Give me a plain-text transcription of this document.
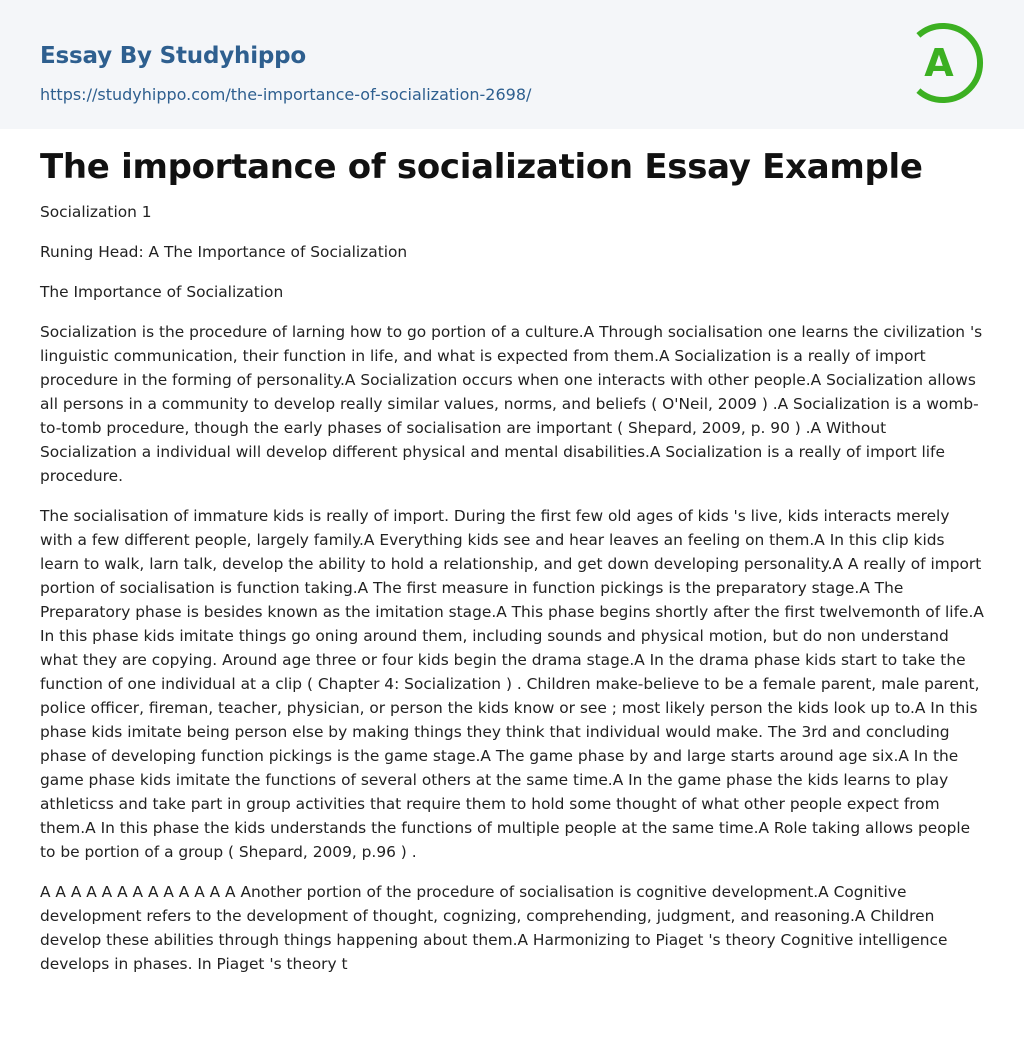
Essay By Studyhippo
https://studyhippo.com/the-importance-of-socialization-2698/
A
The importance of socialization Essay Example

Socialization 1

Runing Head: A The Importance of Socialization

The Importance of Socialization

Socialization is the procedure of larning how to go portion of a culture.A Through socialisation one learns the civilization 's linguistic communication, their function in life, and what is expected from them.A Socialization is a really of import procedure in the forming of personality.A Socialization occurs when one interacts with other people.A Socialization allows all persons in a community to develop really similar values, norms, and beliefs ( O'Neil, 2009 ) .A Socialization is a womb-to-tomb procedure, though the early phases of socialisation are important ( Shepard, 2009, p. 90 ) .A Without Socialization a individual will develop different physical and mental disabilities.A Socialization is a really of import life procedure.

The socialisation of immature kids is really of import. During the first few old ages of kids 's live, kids interacts merely with a few different people, largely family.A Everything kids see and hear leaves an feeling on them.A In this clip kids learn to walk, larn talk, develop the ability to hold a relationship, and get down developing personality.A A really of import portion of socialisation is function taking.A The first measure in function pickings is the preparatory stage.A The Preparatory phase is besides known as the imitation stage.A This phase begins shortly after the first twelvemonth of life.A In this phase kids imitate things go oning around them, including sounds and physical motion, but do non understand what they are copying. Around age three or four kids begin the drama stage.A In the drama phase kids start to take the function of one individual at a clip ( Chapter 4: Socialization ) . Children make-believe to be a female parent, male parent, police officer, fireman, teacher, physician, or person the kids know or see ; most likely person the kids look up to.A In this phase kids imitate being person else by making things they think that individual would make. The 3rd and concluding phase of developing function pickings is the game stage.A The game phase by and large starts around age six.A In the game phase kids imitate the functions of several others at the same time.A In the game phase the kids learns to play athleticss and take part in group activities that require them to hold some thought of what other people expect from them.A In this phase the kids understands the functions of multiple people at the same time.A Role taking allows people to be portion of a group ( Shepard, 2009, p.96 ) .

A A A A A A A A A A A A A Another portion of the procedure of socialisation is cognitive development.A Cognitive development refers to the development of thought, cognizing, comprehending, judgment, and reasoning.A Children develop these abilities through things happening about them.A Harmonizing to Piaget 's theory Cognitive intelligence develops in phases. In Piaget 's theory t
